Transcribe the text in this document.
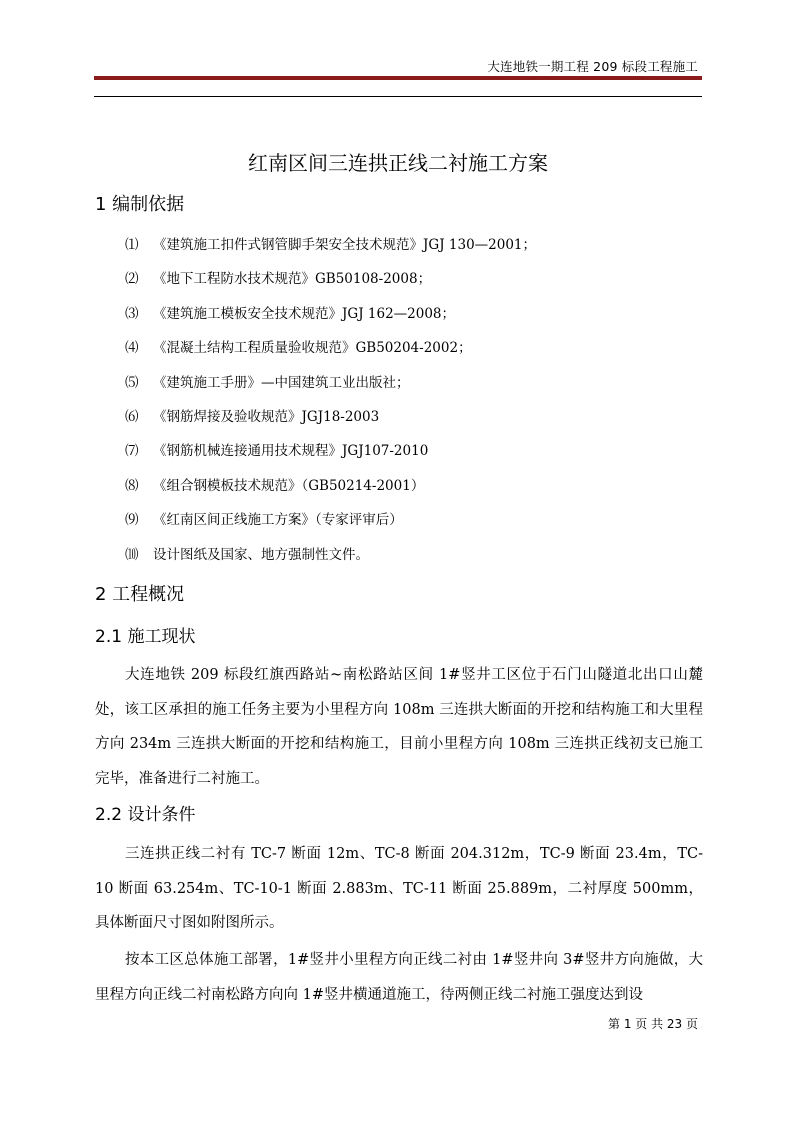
大连地铁一期工程 209 标段工程施工
红南区间三连拱正线二衬施工方案
1 编制依据
⑴ 《建筑施工扣件式钢管脚手架安全技术规范》JGJ 130—2001；
⑵ 《地下工程防水技术规范》GB50108-2008；
⑶ 《建筑施工模板安全技术规范》JGJ 162—2008；
⑷ 《混凝土结构工程质量验收规范》GB50204-2002；
⑸ 《建筑施工手册》—中国建筑工业出版社；
⑹ 《钢筋焊接及验收规范》JGJ18-2003
⑺ 《钢筋机械连接通用技术规程》JGJ107-2010
⑻ 《组合钢模板技术规范》（GB50214-2001）
⑼ 《红南区间正线施工方案》（专家评审后）
⑽ 设计图纸及国家、地方强制性文件。
2 工程概况
2.1 施工现状

大连地铁 209 标段红旗西路站~南松路站区间 1#竖井工区位于石门山隧道北出口山麓处，该工区承担的施工任务主要为小里程方向 108m 三连拱大断面的开挖和结构施工和大里程方向 234m 三连拱大断面的开挖和结构施工，目前小里程方向 108m 三连拱正线初支已施工完毕，准备进行二衬施工。

2.2 设计条件

三连拱正线二衬有 TC-7 断面 12m、TC-8 断面 204.312m，TC-9 断面 23.4m，TC-10 断面 63.254m、TC-10-1 断面 2.883m、TC-11 断面 25.889m，二衬厚度 500mm，具体断面尺寸图如附图所示。

按本工区总体施工部署，1#竖井小里程方向正线二衬由 1#竖井向 3#竖井方向施做，大里程方向正线二衬南松路方向向 1#竖井横通道施工，待两侧正线二衬施工强度达到设

第 1 页 共 23 页
